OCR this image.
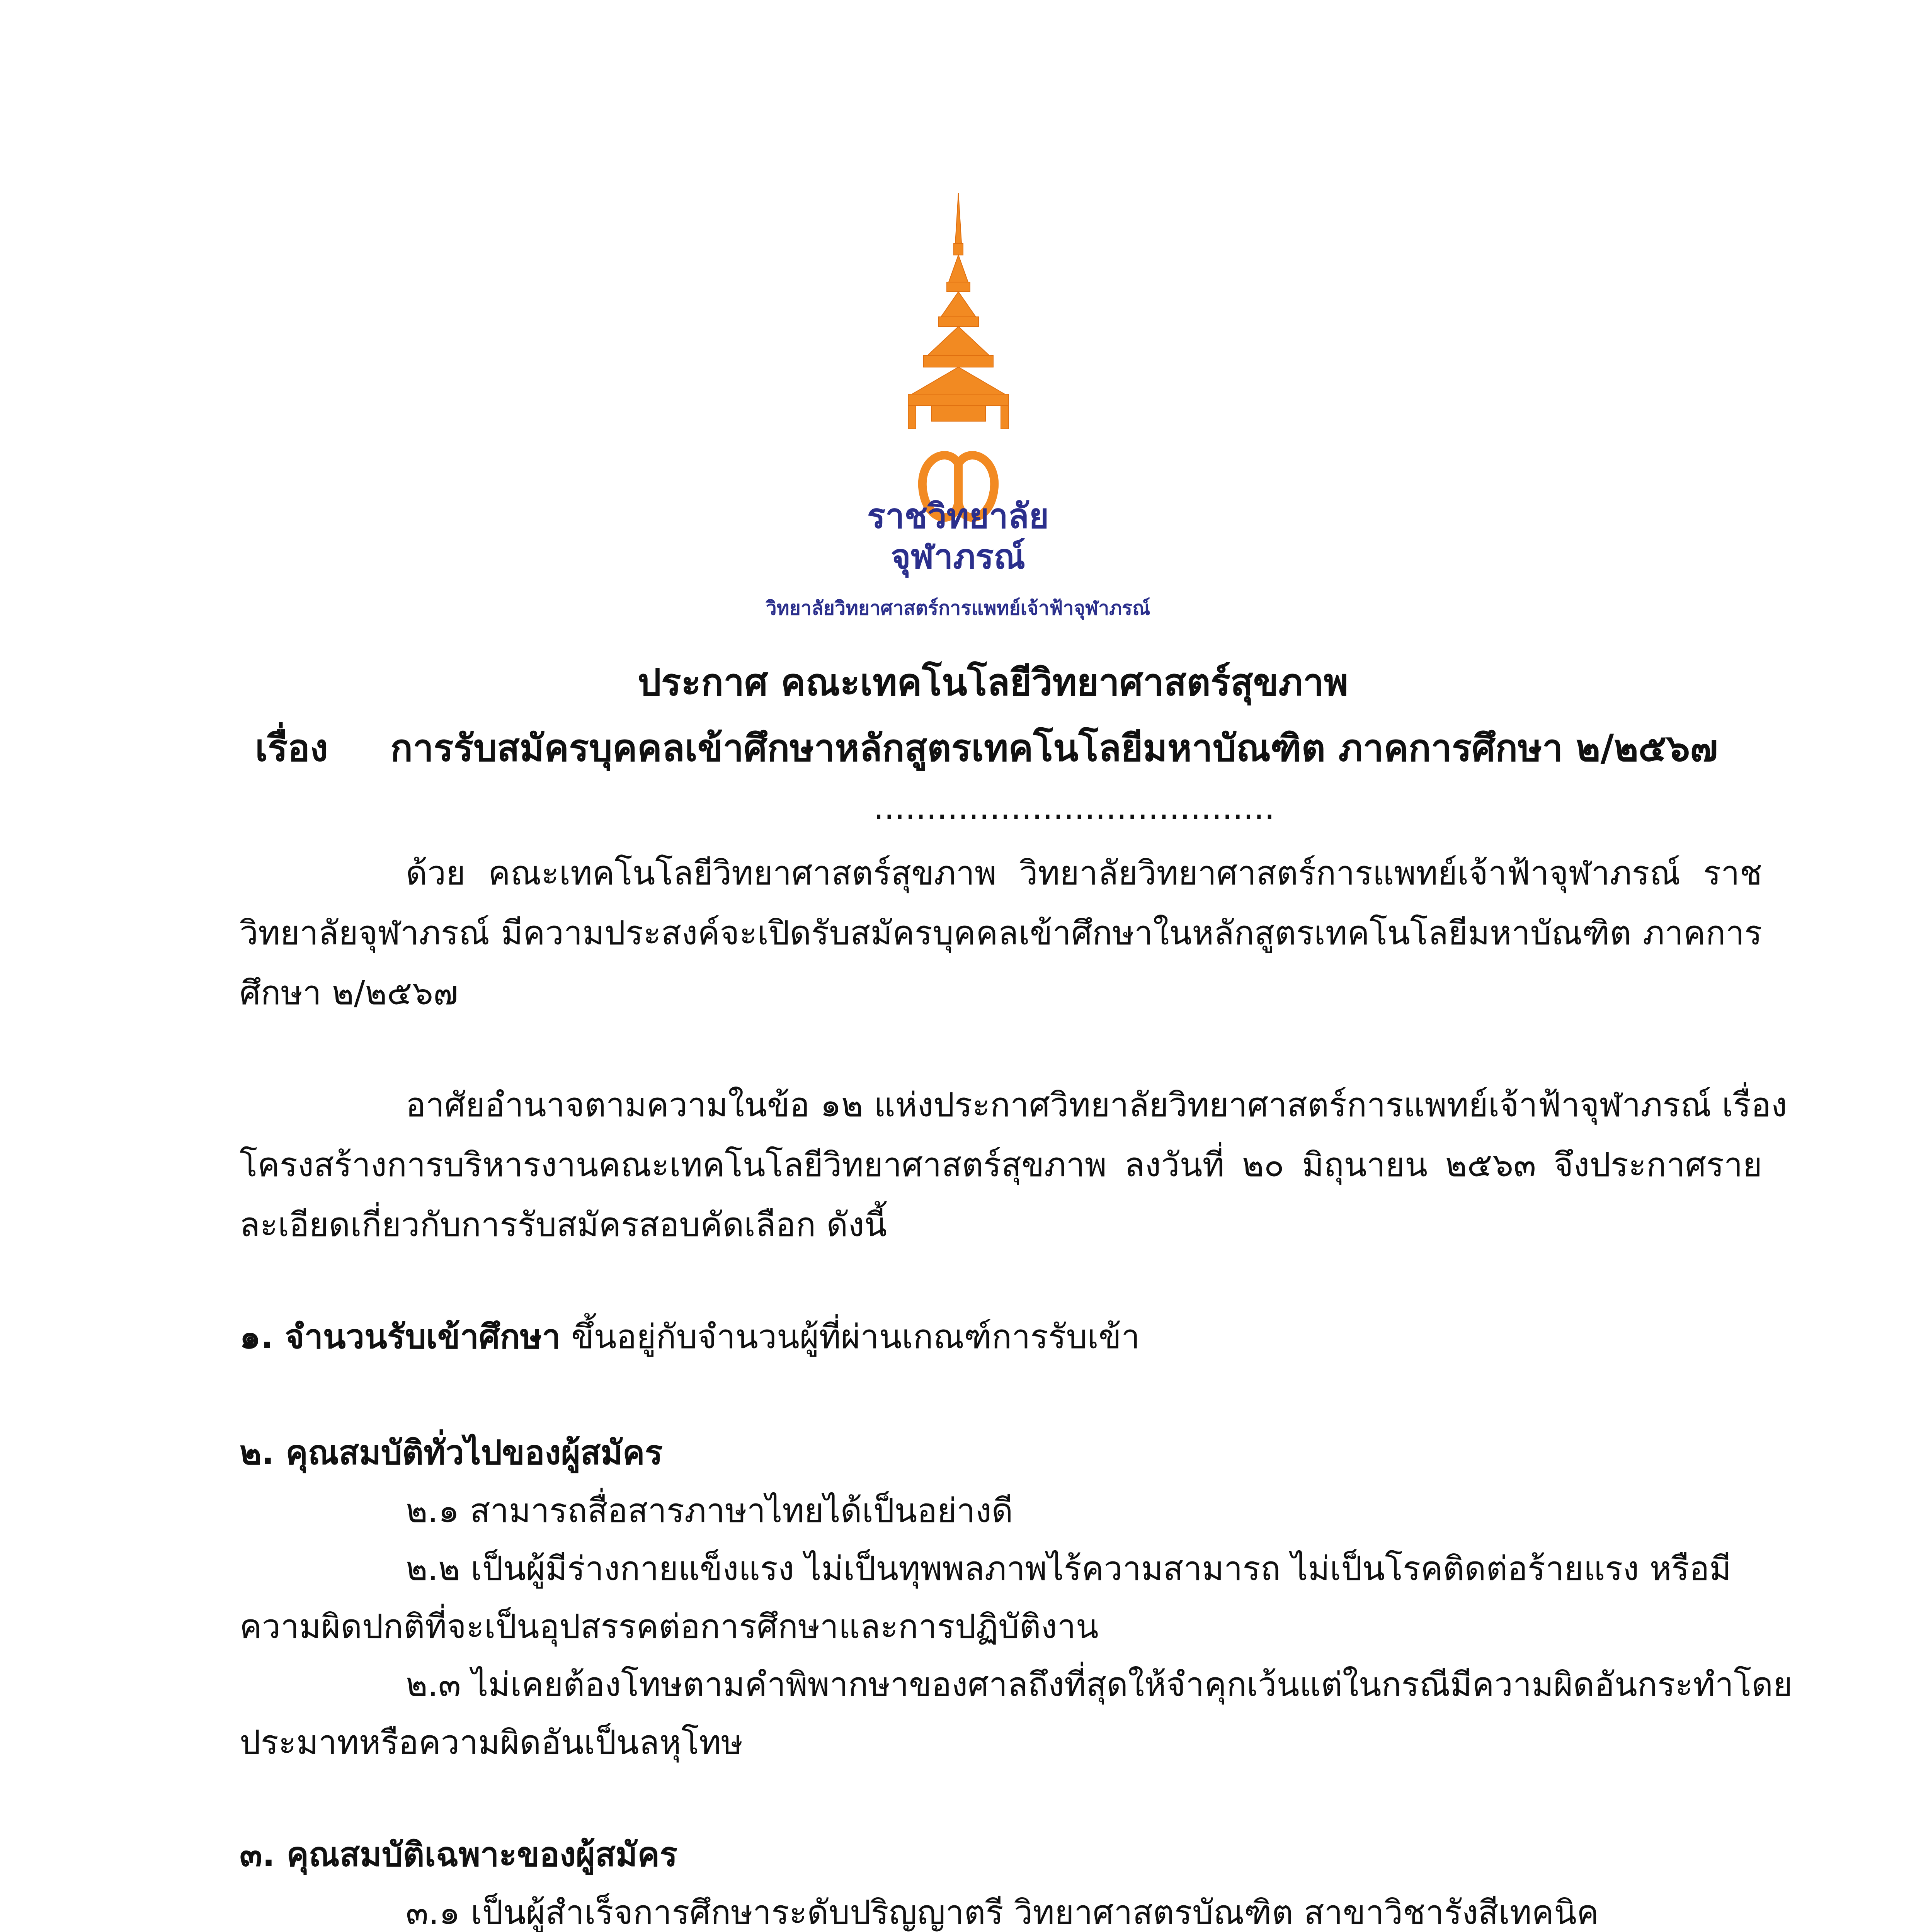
ราชวิทยาลัย
จุฬาภรณ์
วิทยาลัยวิทยาศาสตร์การแพทย์เจ้าฟ้าจุฬาภรณ์
ประกาศ คณะเทคโนโลยีวิทยาศาสตร์สุขภาพ
เรื่อง การรับสมัครบุคคลเข้าศึกษาหลักสูตรเทคโนโลยีมหาบัณฑิต ภาคการศึกษา ๒/๒๕๖๗
......................................
ด้วย คณะเทคโนโลยีวิทยาศาสตร์สุขภาพ วิทยาลัยวิทยาศาสตร์การแพทย์เจ้าฟ้าจุฬาภรณ์ ราช
วิทยาลัยจุฬาภรณ์ มีความประสงค์จะเปิดรับสมัครบุคคลเข้าศึกษาในหลักสูตรเทคโนโลยีมหาบัณฑิต ภาคการ
ศึกษา ๒/๒๕๖๗
อาศัยอำนาจตามความในข้อ ๑๒ แห่งประกาศวิทยาลัยวิทยาศาสตร์การแพทย์เจ้าฟ้าจุฬาภรณ์ เรื่อง
โครงสร้างการบริหารงานคณะเทคโนโลยีวิทยาศาสตร์สุขภาพ ลงวันที่ ๒๐ มิถุนายน ๒๕๖๓ จึงประกาศราย
ละเอียดเกี่ยวกับการรับสมัครสอบคัดเลือก ดังนี้
๑. จำนวนรับเข้าศึกษา ขึ้นอยู่กับจำนวนผู้ที่ผ่านเกณฑ์การรับเข้า
๒. คุณสมบัติทั่วไปของผู้สมัคร
๒.๑ สามารถสื่อสารภาษาไทยได้เป็นอย่างดี
๒.๒ เป็นผู้มีร่างกายแข็งแรง ไม่เป็นทุพพลภาพไร้ความสามารถ ไม่เป็นโรคติดต่อร้ายแรง หรือมี
ความผิดปกติที่จะเป็นอุปสรรคต่อการศึกษาและการปฏิบัติงาน
๒.๓ ไม่เคยต้องโทษตามคำพิพากษาของศาลถึงที่สุดให้จำคุกเว้นแต่ในกรณีมีความผิดอันกระทำโดย
ประมาทหรือความผิดอันเป็นลหุโทษ
๓. คุณสมบัติเฉพาะของผู้สมัคร
๓.๑ เป็นผู้สำเร็จการศึกษาระดับปริญญาตรี วิทยาศาสตรบัณฑิต สาขาวิชารังสีเทคนิค
